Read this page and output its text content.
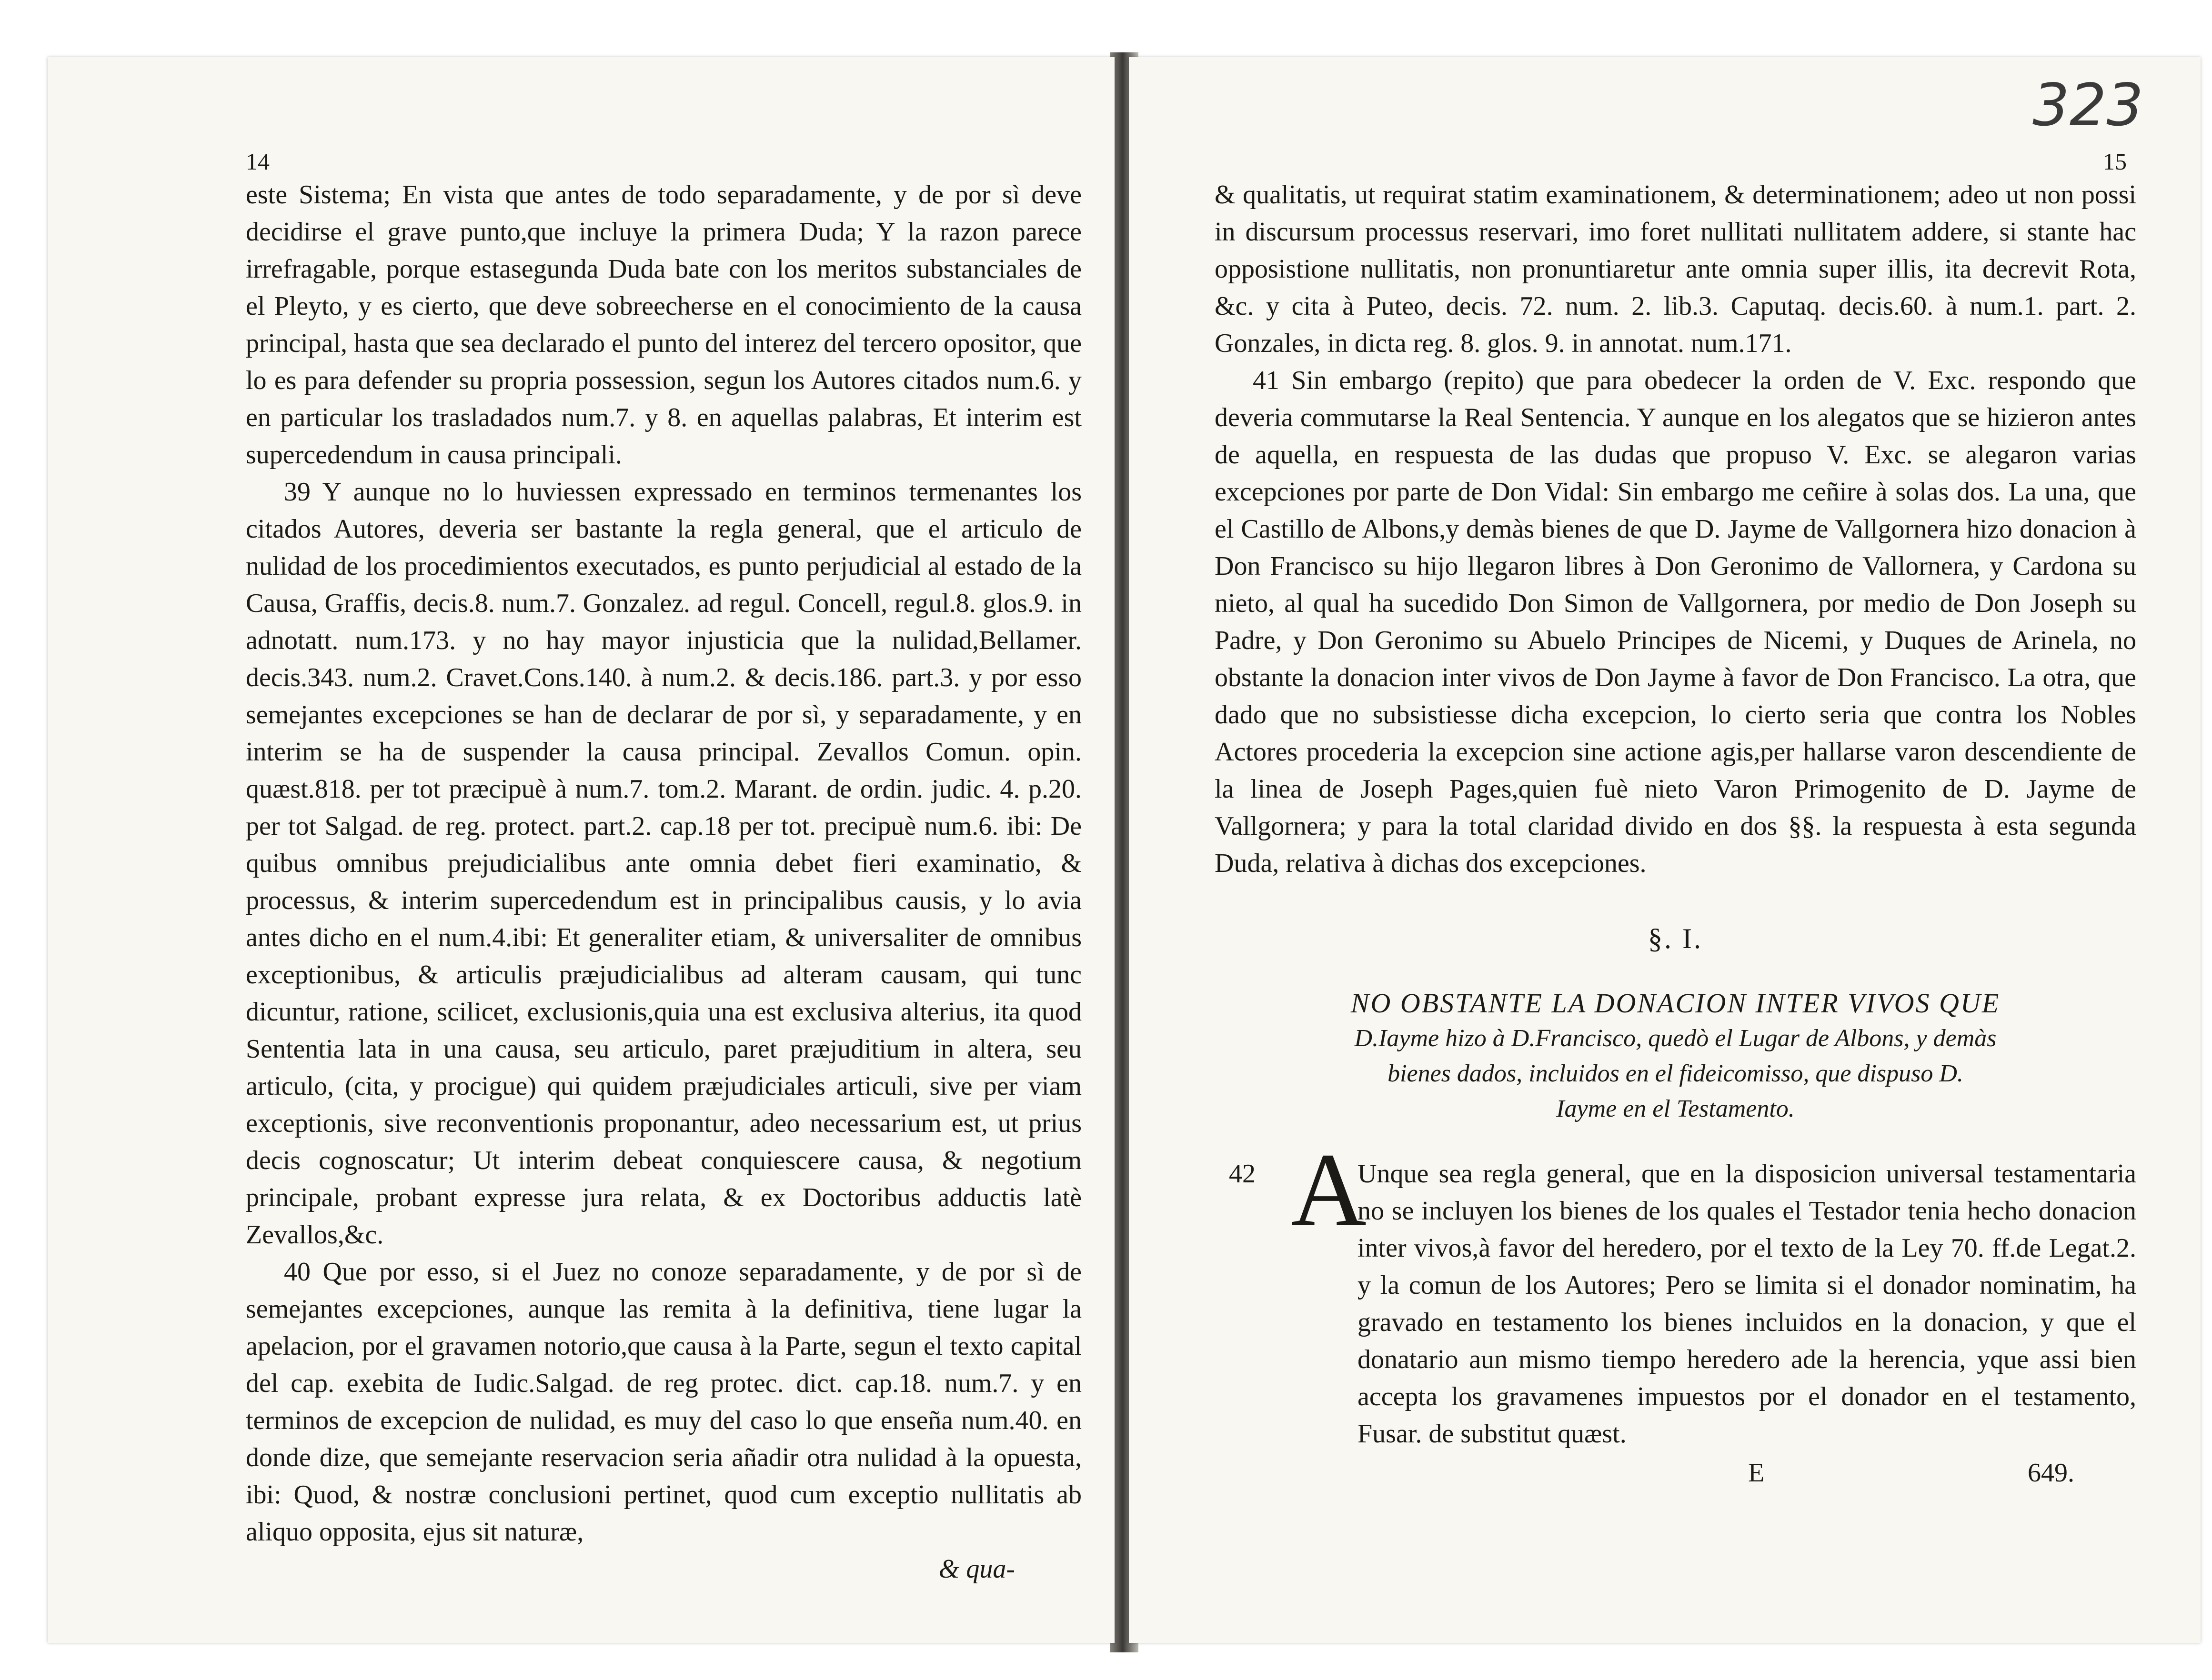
14

este Sistema; En vista que antes de todo separadamente, y de por sì deve decidirse el grave punto,que incluye la primera Duda; Y la razon parece irrefragable, porque estasegunda Duda bate con los meritos substanciales de el Pleyto, y es cierto, que deve sobreecherse en el conocimiento de la causa principal, hasta que sea declarado el punto del interez del tercero opositor, que lo es para defender su propria possession, segun los Autores citados num.6. y en particular los trasladados num.7. y 8. en aquellas palabras, Et interim est supercedendum in causa principali.

39 Y aunque no lo huviessen expressado en terminos termenantes los citados Autores, deveria ser bastante la regla general, que el articulo de nulidad de los procedimientos executados, es punto perjudicial al estado de la Causa, Graffis, decis.8. num.7. Gonzalez. ad regul. Concell, regul.8. glos.9. in adnotatt. num.173. y no hay mayor injusticia que la nulidad,Bellamer. decis.343. num.2. Cravet.Cons.140. à num.2. & decis.186. part.3. y por esso semejantes excepciones se han de declarar de por sì, y separadamente, y en interim se ha de suspender la causa principal. Zevallos Comun. opin. quæst.818. per tot præcipuè à num.7. tom.2. Marant. de ordin. judic. 4. p.20. per tot Salgad. de reg. protect. part.2. cap.18 per tot. precipuè num.6. ibi: De quibus omnibus prejudicialibus ante omnia debet fieri examinatio, & processus, & interim supercedendum est in principalibus causis, y lo avia antes dicho en el num.4.ibi: Et generaliter etiam, & universaliter de omnibus exceptionibus, & articulis præjudicialibus ad alteram causam, qui tunc dicuntur, ratione, scilicet, exclusionis,quia una est exclusiva alterius, ita quod Sententia lata in una causa, seu articulo, paret præjuditium in altera, seu articulo, (cita, y procigue) qui quidem præjudiciales articuli, sive per viam exceptionis, sive reconventionis proponantur, adeo necessarium est, ut prius decis cognoscatur; Ut interim debeat conquiescere causa, & negotium principale, probant expresse jura relata, & ex Doctoribus adductis latè Zevallos,&c.

40 Que por esso, si el Juez no conoze separadamente, y de por sì de semejantes excepciones, aunque las remita à la definitiva, tiene lugar la apelacion, por el gravamen notorio,que causa à la Parte, segun el texto capital del cap. exebita de Iudic.Salgad. de reg protec. dict. cap.18. num.7. y en terminos de excepcion de nulidad, es muy del caso lo que enseña num.40. en donde dize, que semejante reservacion seria añadir otra nulidad à la opuesta, ibi: Quod, & nostræ conclusioni pertinet, quod cum exceptio nullitatis ab aliquo opposita, ejus sit naturæ,

& qua-

323

15

& qualitatis, ut requirat statim examinationem, & determinationem; adeo ut non possi in discursum processus reservari, imo foret nullitati nullitatem addere, si stante hac opposistione nullitatis, non pronuntiaretur ante omnia super illis, ita decrevit Rota, &c. y cita à Puteo, decis. 72. num. 2. lib.3. Caputaq. decis.60. à num.1. part. 2. Gonzales, in dicta reg. 8. glos. 9. in annotat. num.171.

41 Sin embargo (repito) que para obedecer la orden de V. Exc. respondo que deveria commutarse la Real Sentencia. Y aunque en los alegatos que se hizieron antes de aquella, en respuesta de las dudas que propuso V. Exc. se alegaron varias excepciones por parte de Don Vidal: Sin embargo me ceñire à solas dos. La una, que el Castillo de Albons,y demàs bienes de que D. Jayme de Vallgornera hizo donacion à Don Francisco su hijo llegaron libres à Don Geronimo de Vallornera, y Cardona su nieto, al qual ha sucedido Don Simon de Vallgornera, por medio de Don Joseph su Padre, y Don Geronimo su Abuelo Principes de Nicemi, y Duques de Arinela, no obstante la donacion inter vivos de Don Jayme à favor de Don Francisco. La otra, que dado que no subsistiesse dicha excepcion, lo cierto seria que contra los Nobles Actores procederia la excepcion sine actione agis,per hallarse varon descendiente de la linea de Joseph Pages,quien fuè nieto Varon Primogenito de D. Jayme de Vallgornera; y para la total claridad divido en dos §§. la respuesta à esta segunda Duda, relativa à dichas dos excepciones.

§. I.

NO OBSTANTE LA DONACION INTER VIVOS QUE
D.Iayme hizo à D.Francisco, quedò el Lugar de Albons, y demàs
bienes dados, incluidos en el fideicomisso, que dispuso D.
Iayme en el Testamento.
42 A
Unque sea regla general, que en la disposicion universal testamentaria no se incluyen los bienes de los quales el Testador tenia hecho donacion inter vivos,à favor del heredero, por el texto de la Ley 70. ff.de Legat.2. y la comun de los Autores; Pero se limita si el donador nominatim, ha gravado en testamento los bienes incluidos en la donacion, y que el donatario aun mismo tiempo heredero ade la herencia, yque assi bien accepta los gravamenes impuestos por el donador en el testamento, Fusar. de substitut quæst.
E	649.
